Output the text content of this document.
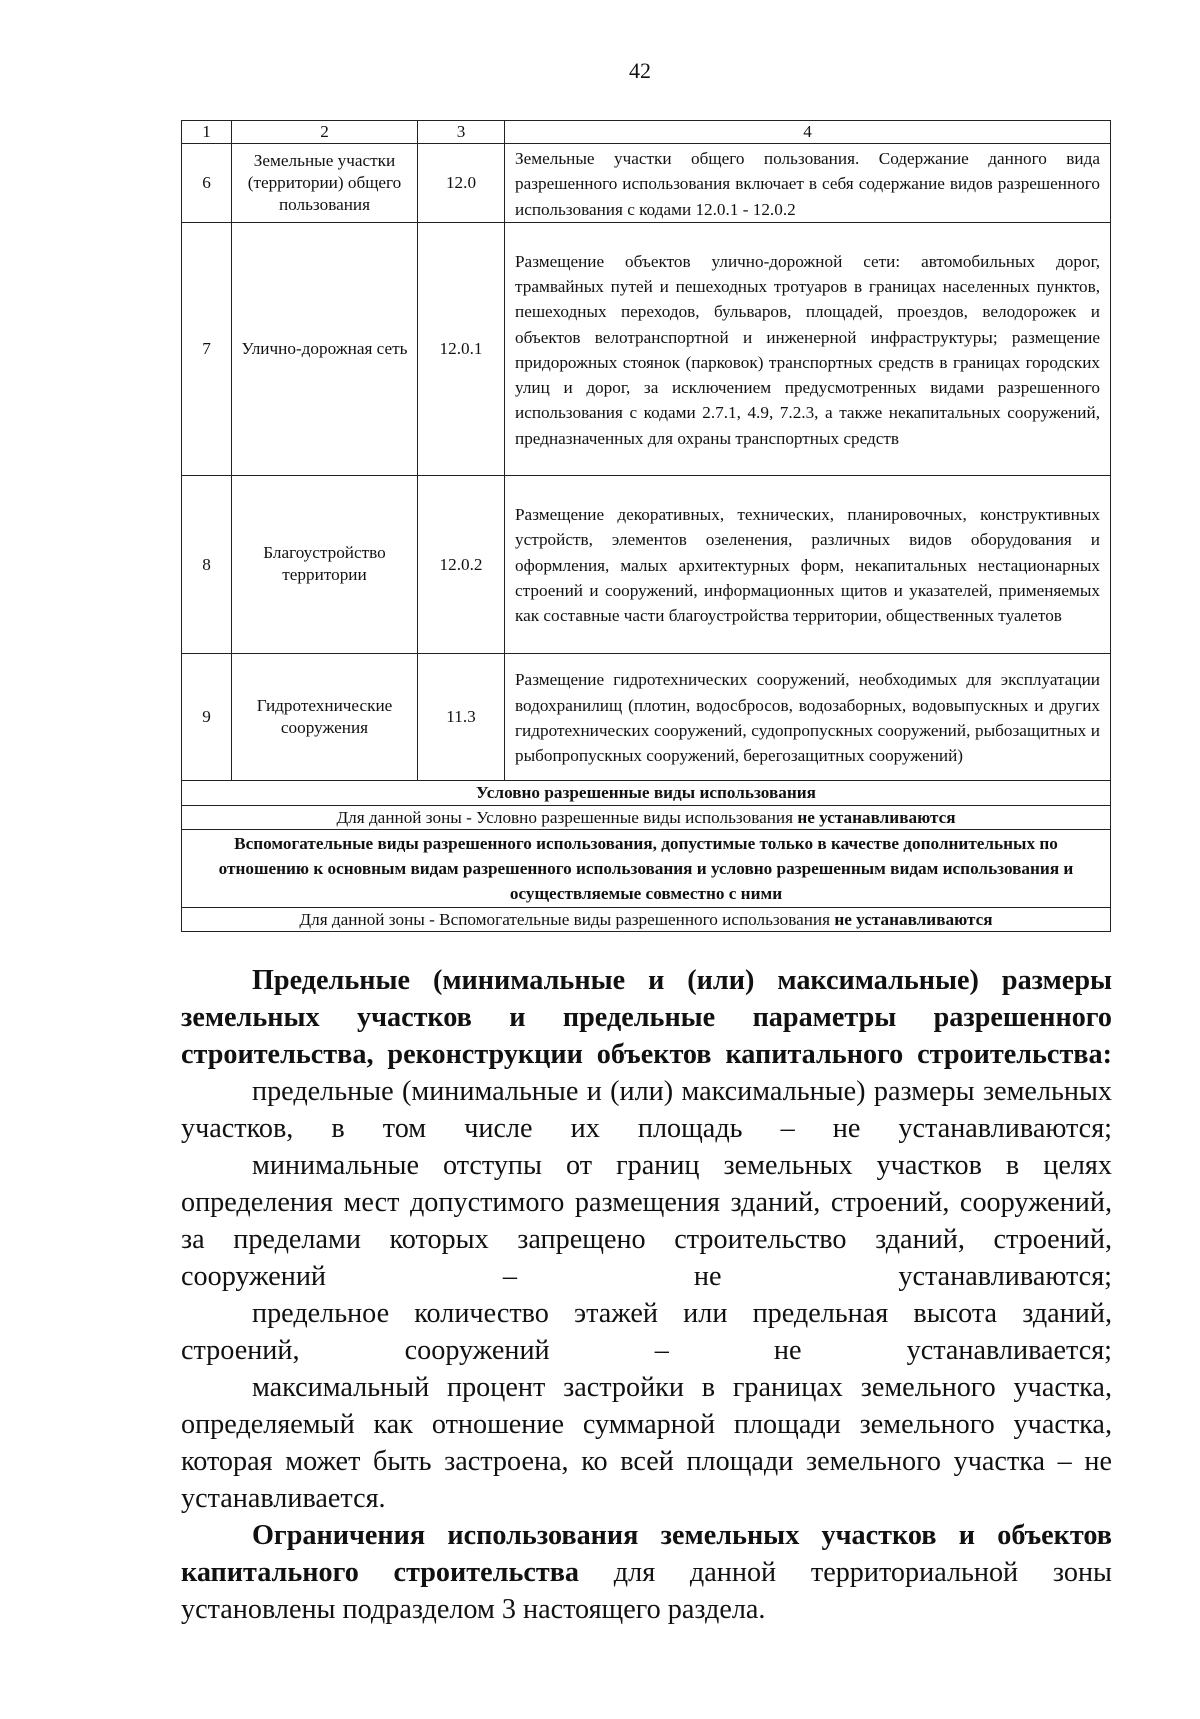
42
1	2	3	4
6	Земельные участки (территории) общего пользования	12.0	Земельные участки общего пользования. Содержание данного вида разрешенного использования включает в себя содержание видов разрешенного использования с кодами 12.0.1 - 12.0.2
7	Улично-дорожная сеть	12.0.1	Размещение объектов улично-дорожной сети: автомобильных дорог, трамвайных путей и пешеходных тротуаров в границах населенных пунктов, пешеходных переходов, бульваров, площадей, проездов, велодорожек и объектов велотранспортной и инженерной инфраструктуры; размещение придорожных стоянок (парковок) транспортных средств в границах городских улиц и дорог, за исключением предусмотренных видами разрешенного использования с кодами 2.7.1, 4.9, 7.2.3, а также некапитальных сооружений, предназначенных для охраны транспортных средств
8	Благоустройство территории	12.0.2	Размещение декоративных, технических, планировочных, конструктивных устройств, элементов озеленения, различных видов оборудования и оформления, малых архитектурных форм, некапитальных нестационарных строений и сооружений, информационных щитов и указателей, применяемых как составные части благоустройства территории, общественных туалетов
9	Гидротехнические сооружения	11.3	Размещение гидротехнических сооружений, необходимых для эксплуатации водохранилищ (плотин, водосбросов, водозаборных, водовыпускных и других гидротехнических сооружений, судопропускных сооружений, рыбозащитных и рыбопропускных сооружений, берегозащитных сооружений)
Условно разрешенные виды использования			
Для данной зоны - Условно разрешенные виды использования не устанавливаются			
Вспомогательные виды разрешенного использования, допустимые только в качестве дополнительных по отношению к основным видам разрешенного использования и условно разрешенным видам использования и осуществляемые совместно с ними			
Для данной зоны - Вспомогательные виды разрешенного использования не устанавливаются			

Предельные (минимальные и (или) максимальные) размеры земельных участков и предельные параметры разрешенного строительства, реконструкции объектов капитального строительства:

предельные (минимальные и (или) максимальные) размеры земельных участков, в том числе их площадь – не устанавливаются;

минимальные отступы от границ земельных участков в целях определения мест допустимого размещения зданий, строений, сооружений, за пределами которых запрещено строительство зданий, строений, сооружений – не устанавливаются;

предельное количество этажей или предельная высота зданий, строений, сооружений – не устанавливается;

максимальный процент застройки в границах земельного участка, определяемый как отношение суммарной площади земельного участка, которая может быть застроена, ко всей площади земельного участка – не устанавливается.

Ограничения использования земельных участков и объектов капитального строительства для данной территориальной зоны установлены подразделом 3 настоящего раздела.
